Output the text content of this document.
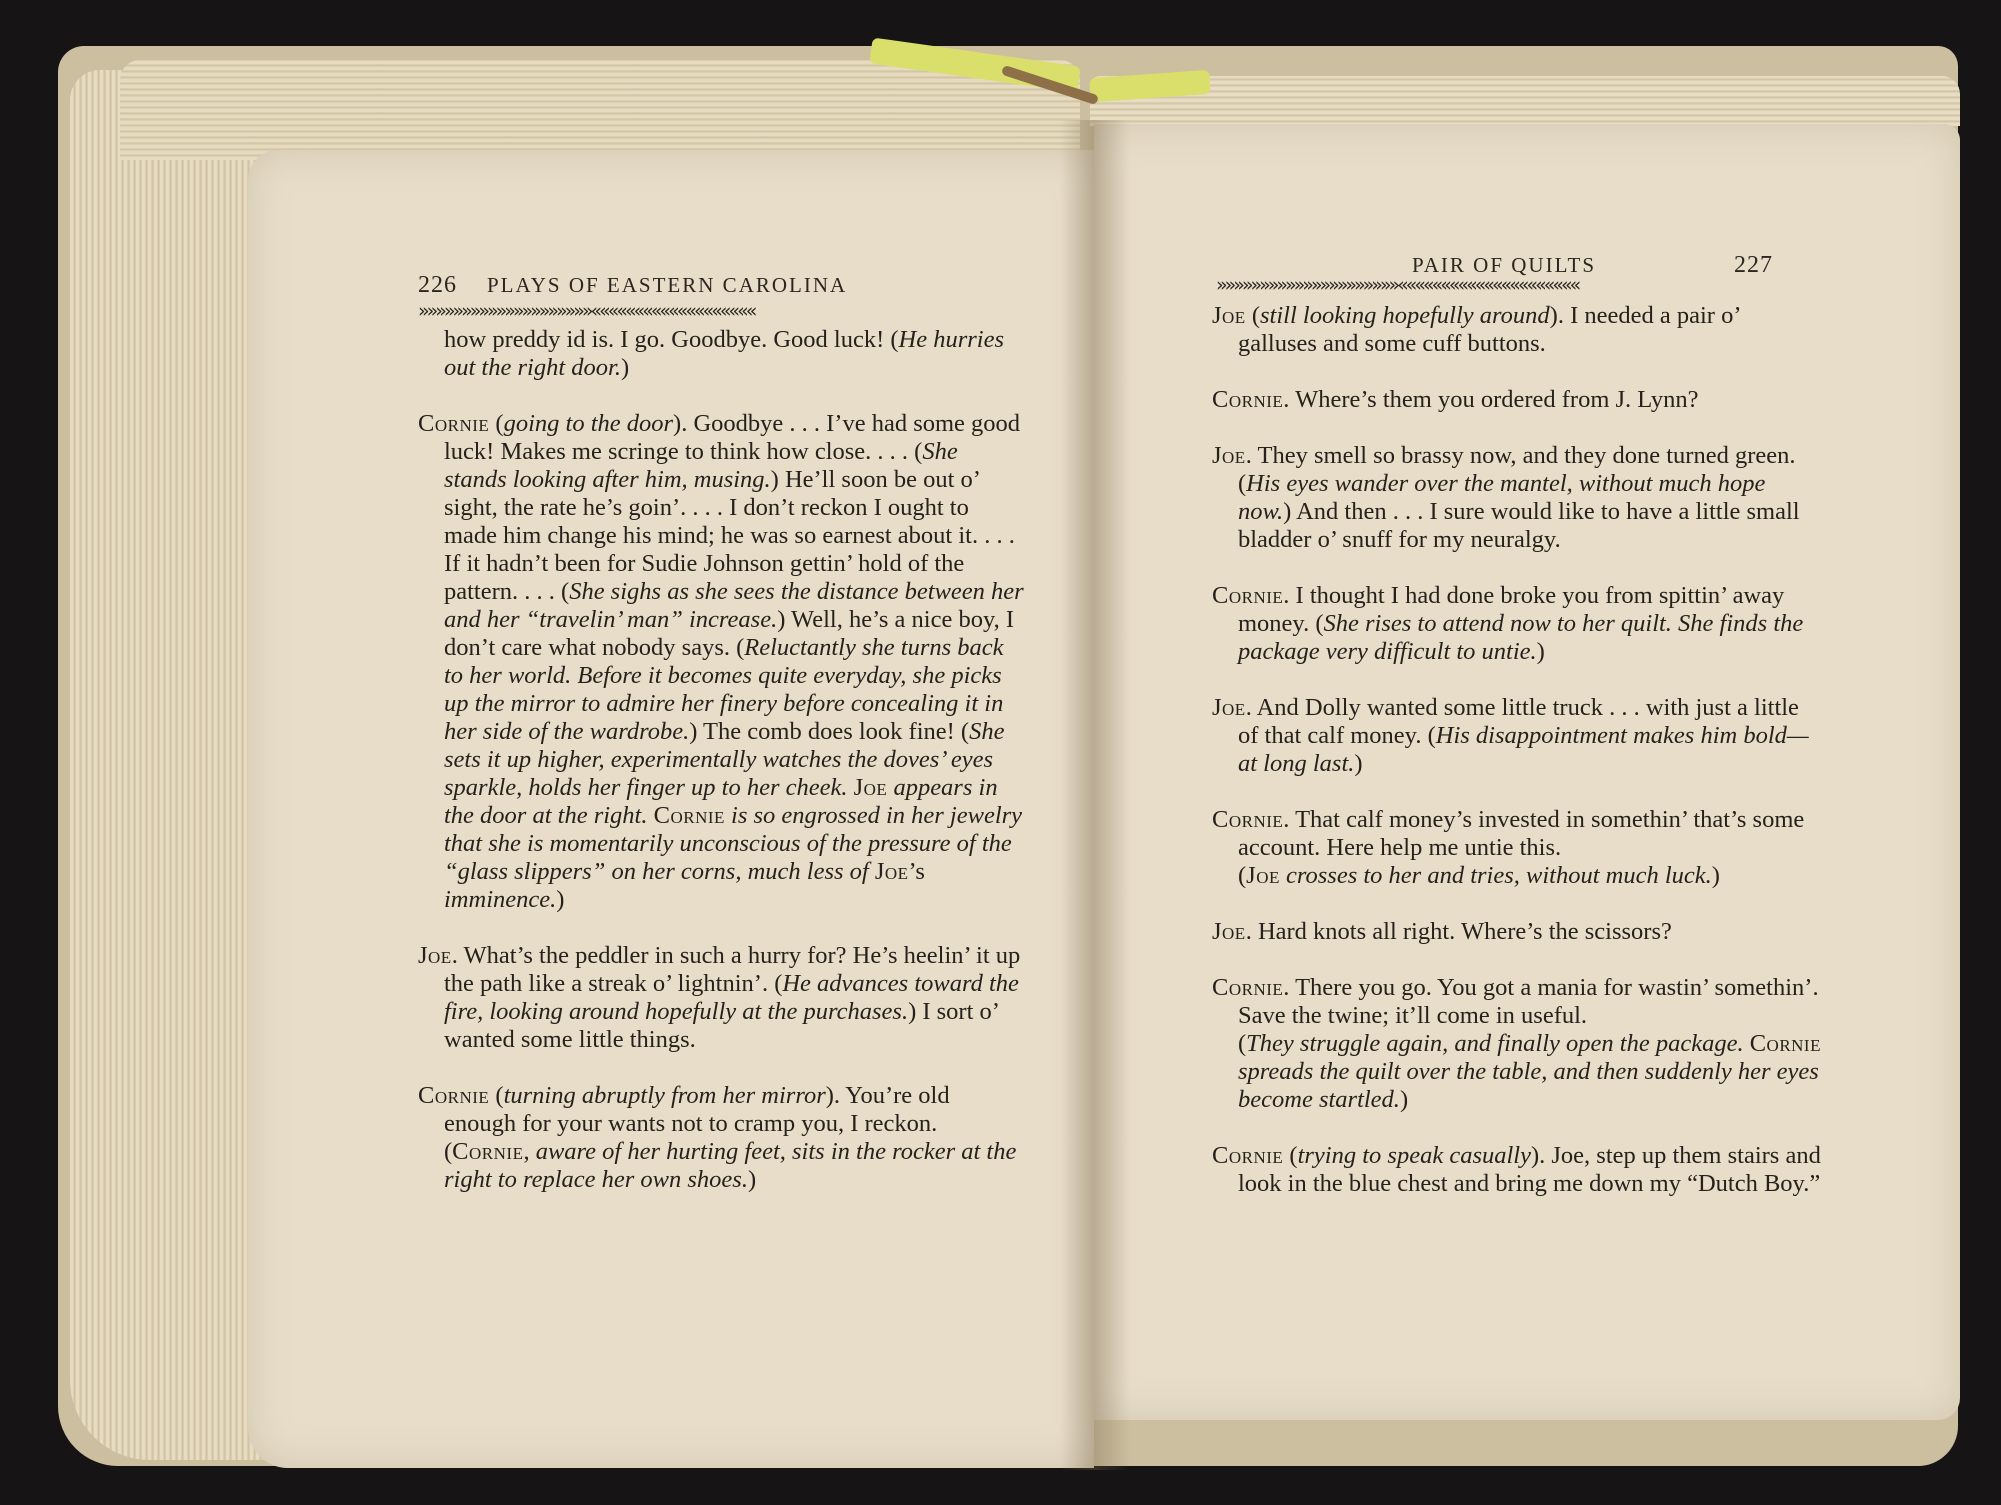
226 PLAYS OF EASTERN CAROLINA
»»»»»»»»»»»»»»»»»»»»«««««««««««««««««««
how preddy id is. I go. Goodbye. Good luck! (He hurries out the right door.)
Cornie (going to the door). Goodbye . . . I’ve had some good luck! Makes me scringe to think how close. . . . (She stands looking after him, musing.) He’ll soon be out o’ sight, the rate he’s goin’. . . . I don’t reckon I ought to made him change his mind; he was so earnest about it. . . . If it hadn’t been for Sudie Johnson gettin’ hold of the pattern. . . . (She sighs as she sees the distance between her and her “travelin’ man” increase.) Well, he’s a nice boy, I don’t care what nobody says. (Reluctantly she turns back to her world. Before it becomes quite everyday, she picks up the mirror to admire her finery before concealing it in her side of the wardrobe.) The comb does look fine! (She sets it up higher, experimentally watches the doves’ eyes sparkle, holds her finger up to her cheek. Joe appears in the door at the right. Cornie is so engrossed in her jewelry that she is momentarily unconscious of the pressure of the “glass slippers” on her corns, much less of Joe’s imminence.)
Joe. What’s the peddler in such a hurry for? He’s heelin’ it up the path like a streak o’ lightnin’. (He advances toward the fire, looking around hopefully at the purchases.) I sort o’ wanted some little things.
Cornie (turning abruptly from her mirror). You’re old enough for your wants not to cramp you, I reckon. (Cornie, aware of her hurting feet, sits in the rocker at the right to replace her own shoes.)
PAIR OF QUILTS	227
»»»»»»»»»»»»»»»»»»»»»«««««««««««««««««««««
Joe (still looking hopefully around). I needed a pair o’ galluses and some cuff buttons.
Cornie. Where’s them you ordered from J. Lynn?
Joe. They smell so brassy now, and they done turned green. (His eyes wander over the mantel, without much hope now.) And then . . . I sure would like to have a little small bladder o’ snuff for my neuralgy.
Cornie. I thought I had done broke you from spittin’ away money. (She rises to attend now to her quilt. She finds the package very difficult to untie.)
Joe. And Dolly wanted some little truck . . . with just a little of that calf money. (His disappointment makes him bold—at long last.)
Cornie. That calf money’s invested in somethin’ that’s some account. Here help me untie this.
(Joe crosses to her and tries, without much luck.)
Joe. Hard knots all right. Where’s the scissors?
Cornie. There you go. You got a mania for wastin’ somethin’. Save the twine; it’ll come in useful.
(They struggle again, and finally open the package. Cornie spreads the quilt over the table, and then suddenly her eyes become startled.)
Cornie (trying to speak casually). Joe, step up them stairs and look in the blue chest and bring me down my “Dutch Boy.”
